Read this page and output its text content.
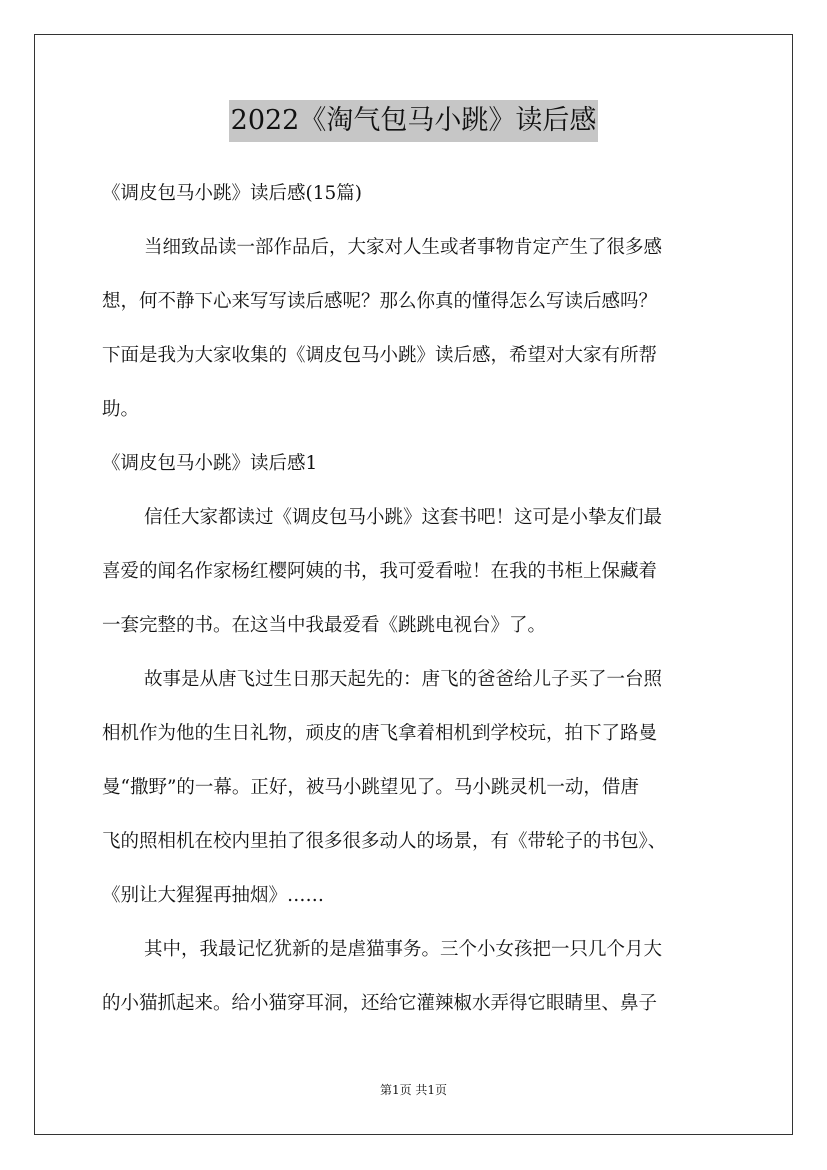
2022《淘气包马小跳》读后感
《调皮包马小跳》读后感(15篇)
当细致品读一部作品后，大家对人生或者事物肯定产生了很多感
想，何不静下心来写写读后感呢？那么你真的懂得怎么写读后感吗？
下面是我为大家收集的《调皮包马小跳》读后感，希望对大家有所帮
助。
《调皮包马小跳》读后感1
信任大家都读过《调皮包马小跳》这套书吧！这可是小挚友们最
喜爱的闻名作家杨红樱阿姨的书，我可爱看啦！在我的书柜上保藏着
一套完整的书。在这当中我最爱看《跳跳电视台》了。
故事是从唐飞过生日那天起先的：唐飞的爸爸给儿子买了一台照
相机作为他的生日礼物，顽皮的唐飞拿着相机到学校玩，拍下了路曼
曼“撒野”的一幕。正好，被马小跳望见了。马小跳灵机一动，借唐
飞的照相机在校内里拍了很多很多动人的场景，有《带轮子的书包》、
《别让大猩猩再抽烟》……
其中，我最记忆犹新的是虐猫事务。三个小女孩把一只几个月大
的小猫抓起来。给小猫穿耳洞，还给它灌辣椒水弄得它眼睛里、鼻子
第1页 共1页
